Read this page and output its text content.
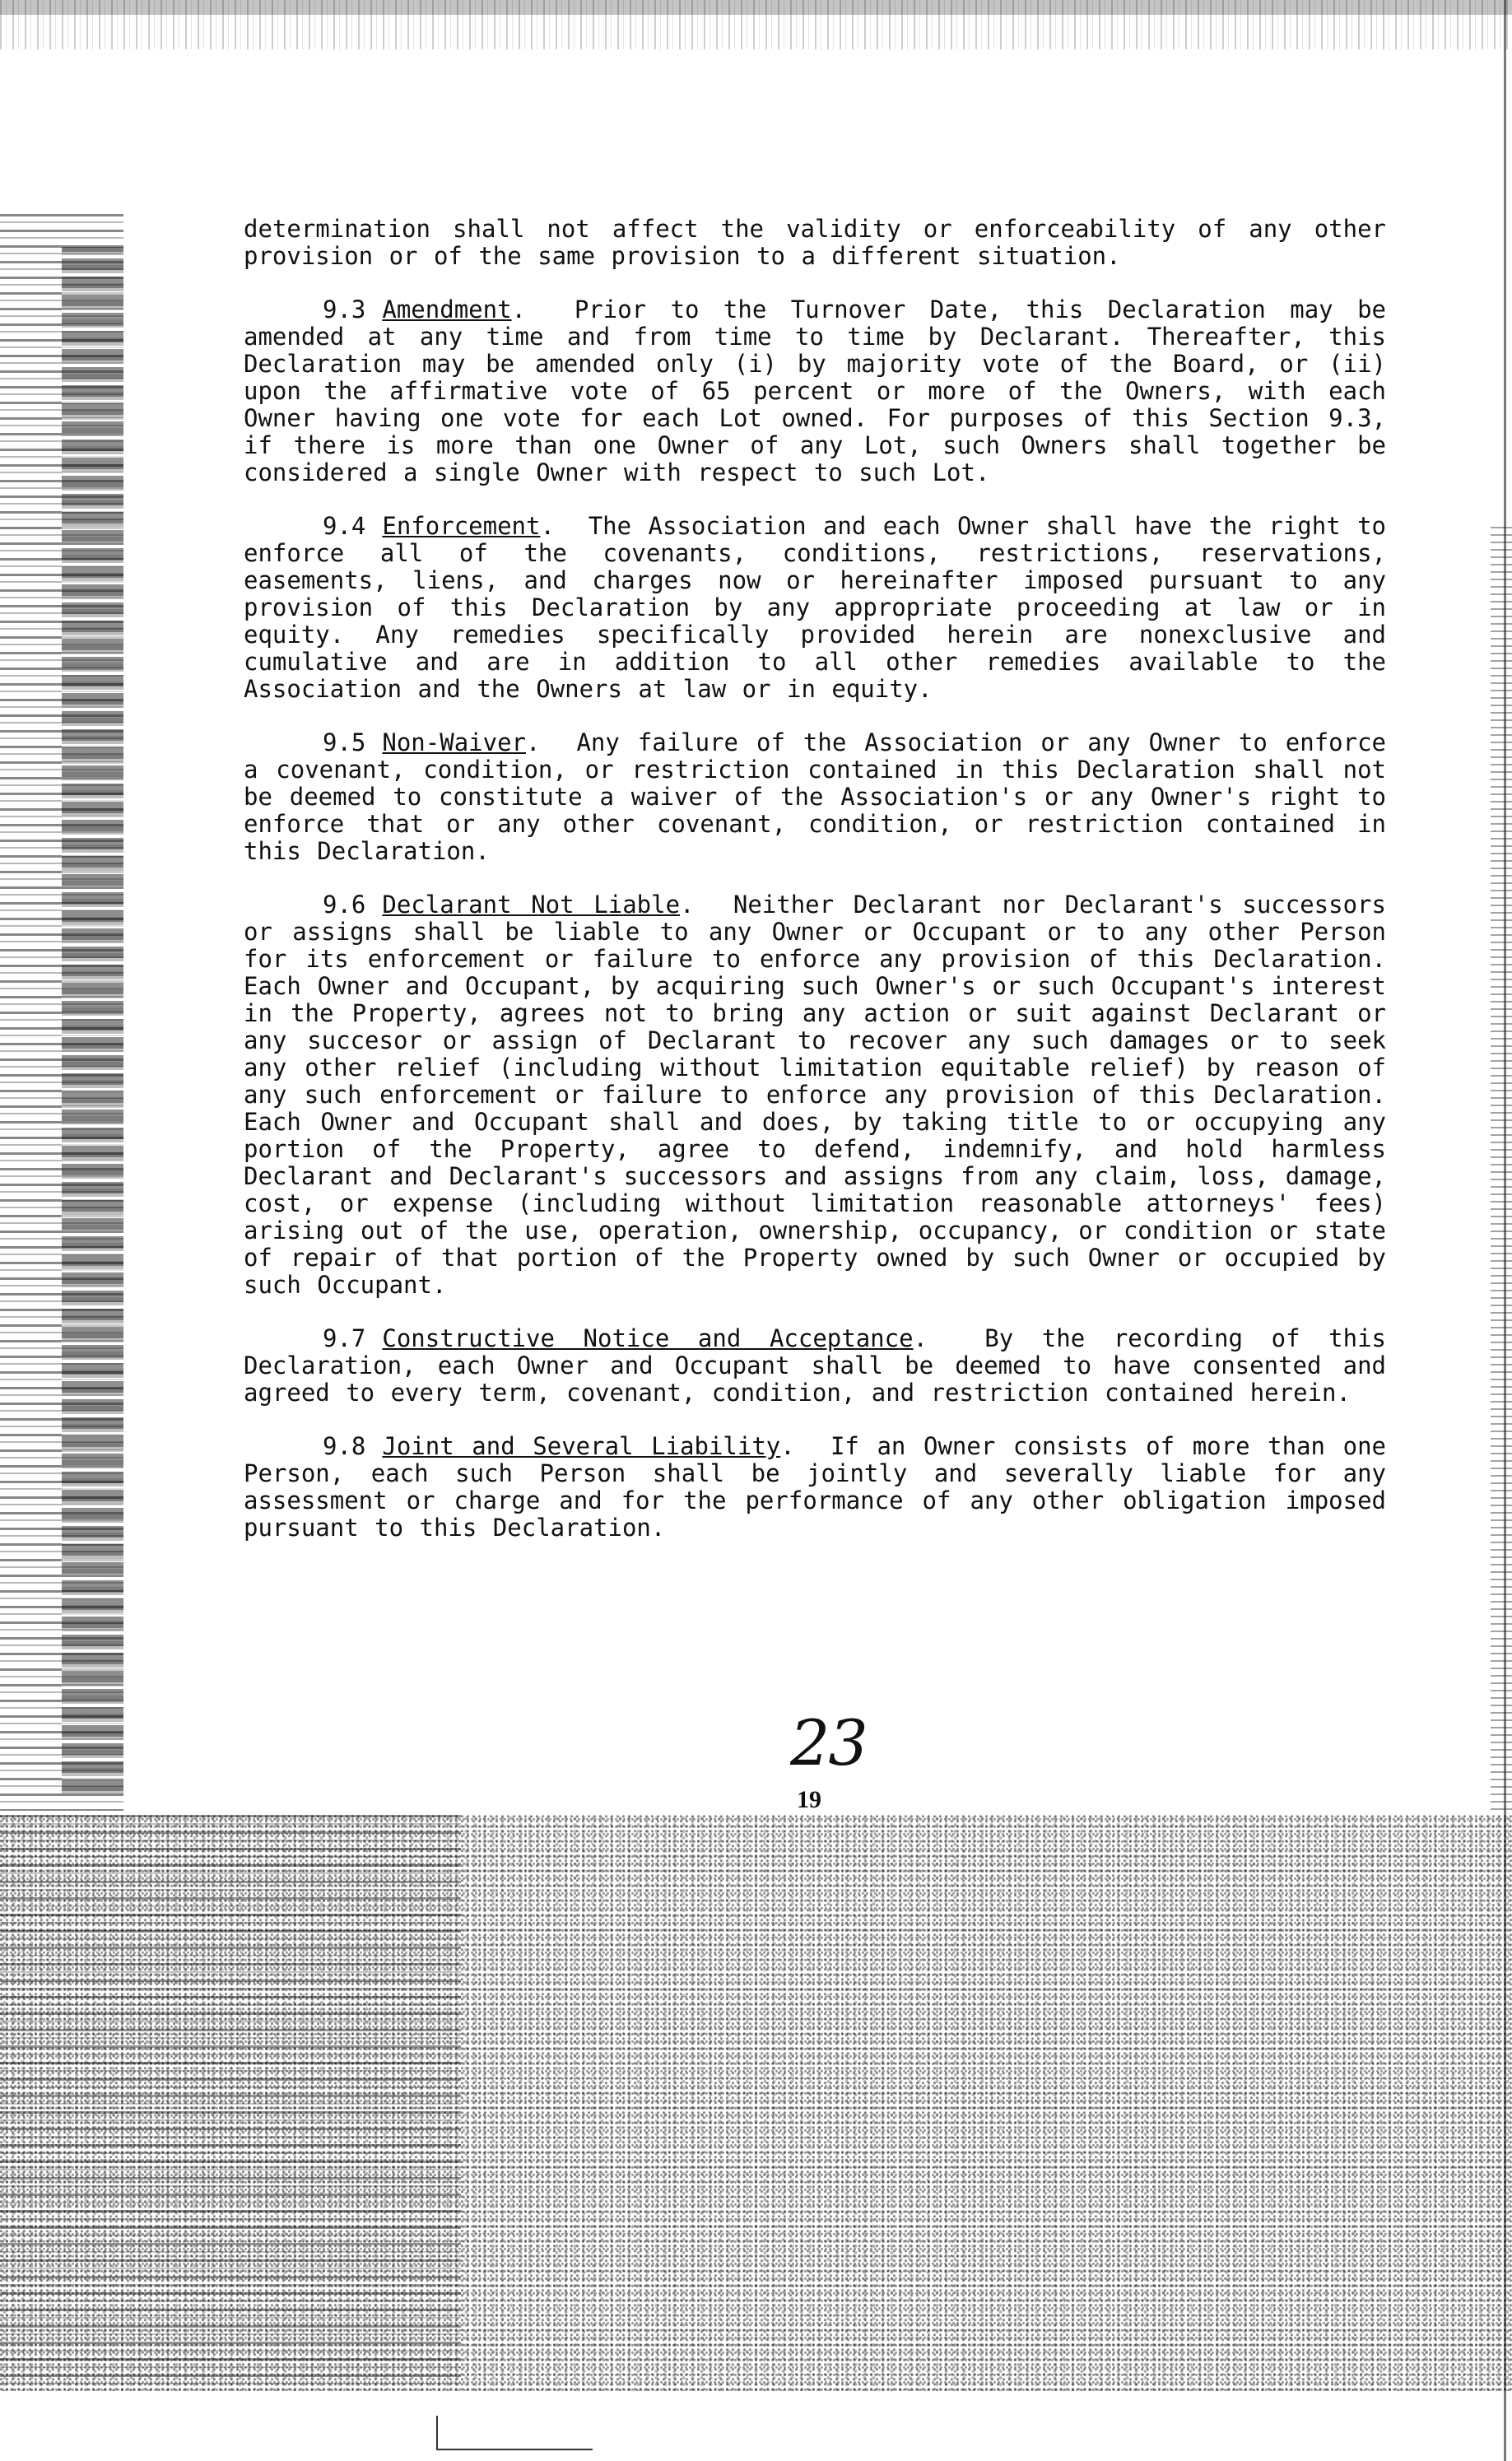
determination shall not affect the validity or enforceability of any other provision or of the same provision to a different situation.

9.3 Amendment.  Prior to the Turnover Date, this Declaration may be amended at any time and from time to time by Declarant. Thereafter, this Declaration may be amended only (i) by majority vote of the Board, or (ii) upon the affirmative vote of 65 percent or more of the Owners, with each Owner having one vote for each Lot owned. For purposes of this Section 9.3, if there is more than one Owner of any Lot, such Owners shall together be considered a single Owner with respect to such Lot.

9.4 Enforcement.  The Association and each Owner shall have the right to enforce all of the covenants, conditions, restrictions, reservations, easements, liens, and charges now or hereinafter imposed pursuant to any provision of this Declaration by any appropriate proceeding at law or in equity. Any remedies specifically provided herein are nonexclusive and cumulative and are in addition to all other remedies available to the Association and the Owners at law or in equity.

9.5 Non-Waiver.  Any failure of the Association or any Owner to enforce a covenant, condition, or restriction contained in this Declaration shall not be deemed to constitute a waiver of the Association's or any Owner's right to enforce that or any other covenant, condition, or restriction contained in this Declaration.

9.6 Declarant Not Liable.  Neither Declarant nor Declarant's successors or assigns shall be liable to any Owner or Occupant or to any other Person for its enforcement or failure to enforce any provision of this Declaration. Each Owner and Occupant, by acquiring such Owner's or such Occupant's interest in the Property, agrees not to bring any action or suit against Declarant or any succesor or assign of Declarant to recover any such damages or to seek any other relief (including without limitation equitable relief) by reason of any such enforcement or failure to enforce any provision of this Declaration. Each Owner and Occupant shall and does, by taking title to or occupying any portion of the Property, agree to defend, indemnify, and hold harmless Declarant and Declarant's successors and assigns from any claim, loss, damage, cost, or expense (including without limitation reasonable attorneys' fees) arising out of the use, operation, ownership, occupancy, or condition or state of repair of that portion of the Property owned by such Owner or occupied by such Occupant.

9.7 Constructive Notice and Acceptance.  By the recording of this Declaration, each Owner and Occupant shall be deemed to have consented and agreed to every term, covenant, condition, and restriction contained herein.

9.8 Joint and Several Liability.  If an Owner consists of more than one Person, each such Person shall be jointly and severally liable for any assessment or charge and for the performance of any other obligation imposed pursuant to this Declaration.

23
19
